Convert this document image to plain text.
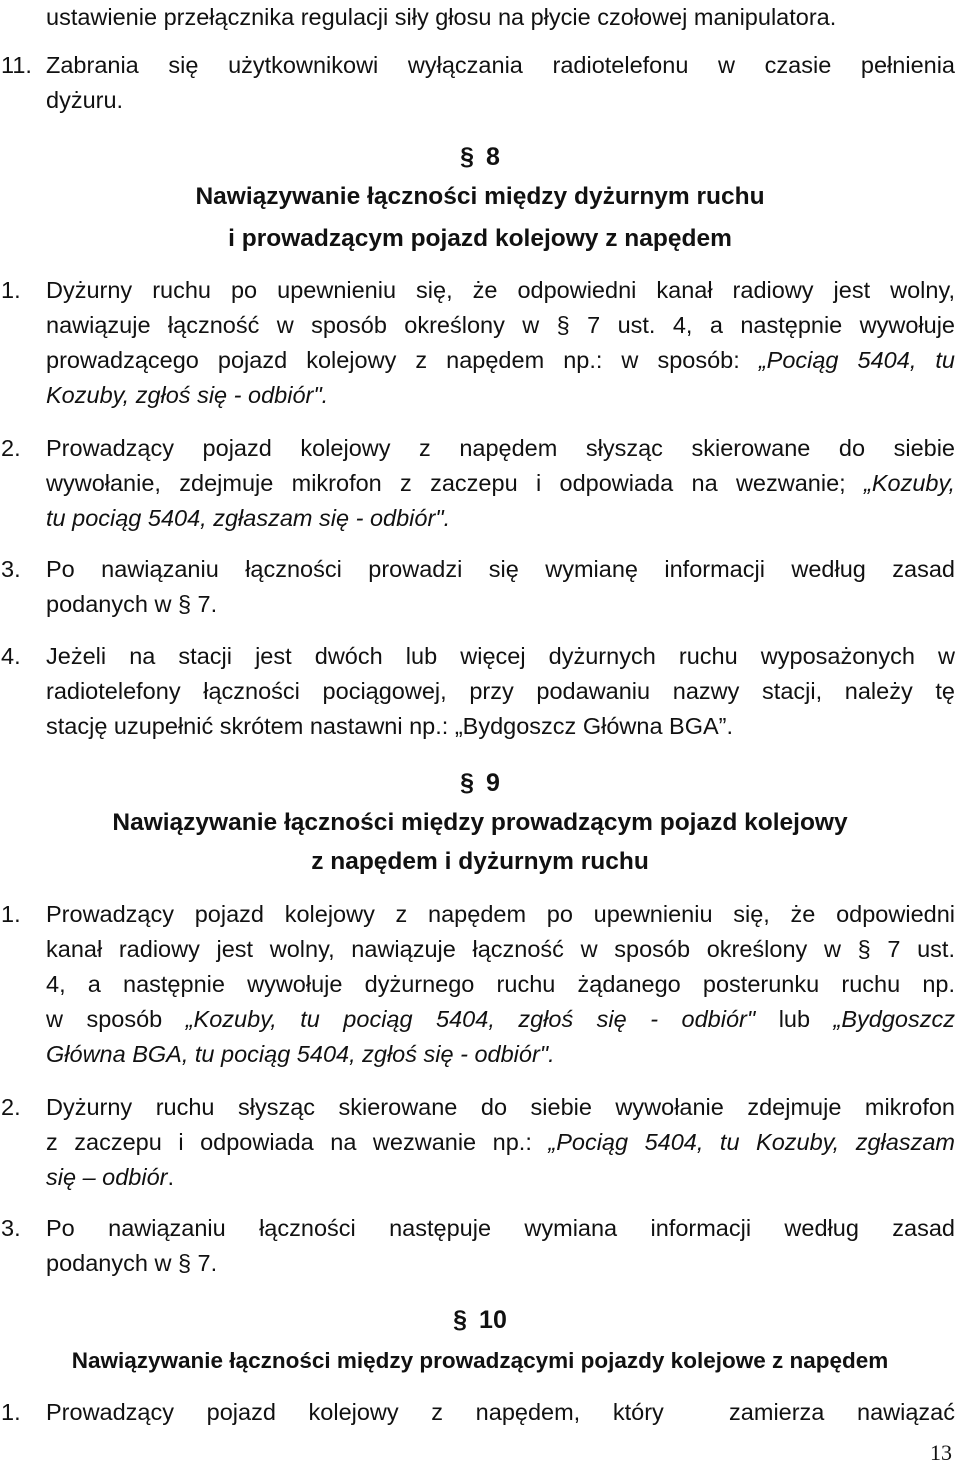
ustawienie przełącznika regulacji siły głosu na płycie czołowej manipulatora.
11. Zabrania się użytkownikowi wyłączania radiotelefonu w czasie pełnienia
dyżuru.
§ 8
Nawiązywanie łączności między dyżurnym ruchu
i prowadzącym pojazd kolejowy z napędem
1. Dyżurny ruchu po upewnieniu się, że odpowiedni kanał radiowy jest wolny,
nawiązuje łączność w sposób określony w § 7 ust. 4, a następnie wywołuje
prowadzącego pojazd kolejowy z napędem np.: w sposób: „Pociąg 5404, tu
Kozuby, zgłoś się - odbiór".
2. Prowadzący pojazd kolejowy z napędem słysząc skierowane do siebie
wywołanie, zdejmuje mikrofon z zaczepu i odpowiada na wezwanie; „Kozuby,
tu pociąg 5404, zgłaszam się - odbiór".
3. Po nawiązaniu łączności prowadzi się wymianę informacji według zasad
podanych w § 7.
4. Jeżeli na stacji jest dwóch lub więcej dyżurnych ruchu wyposażonych w
radiotelefony łączności pociągowej, przy podawaniu nazwy stacji, należy tę
stację uzupełnić skrótem nastawni np.: „Bydgoszcz Główna BGA”.
§ 9
Nawiązywanie łączności między prowadzącym pojazd kolejowy
z napędem i dyżurnym ruchu
1. Prowadzący pojazd kolejowy z napędem po upewnieniu się, że odpowiedni
kanał radiowy jest wolny, nawiązuje łączność w sposób określony w § 7 ust.
4, a następnie wywołuje dyżurnego ruchu żądanego posterunku ruchu np.
w sposób „Kozuby, tu pociąg 5404, zgłoś się - odbiór" lub „Bydgoszcz
Główna BGA, tu pociąg 5404, zgłoś się - odbiór".
2. Dyżurny ruchu słysząc skierowane do siebie wywołanie zdejmuje mikrofon
z zaczepu i odpowiada na wezwanie np.: „Pociąg 5404, tu Kozuby, zgłaszam
się – odbiór.
3. Po nawiązaniu łączności następuje wymiana informacji według zasad
podanych w § 7.
§ 10
Nawiązywanie łączności między prowadzącymi pojazdy kolejowe z napędem
1. Prowadzący pojazd kolejowy z napędem, który  zamierza nawiązać
13
